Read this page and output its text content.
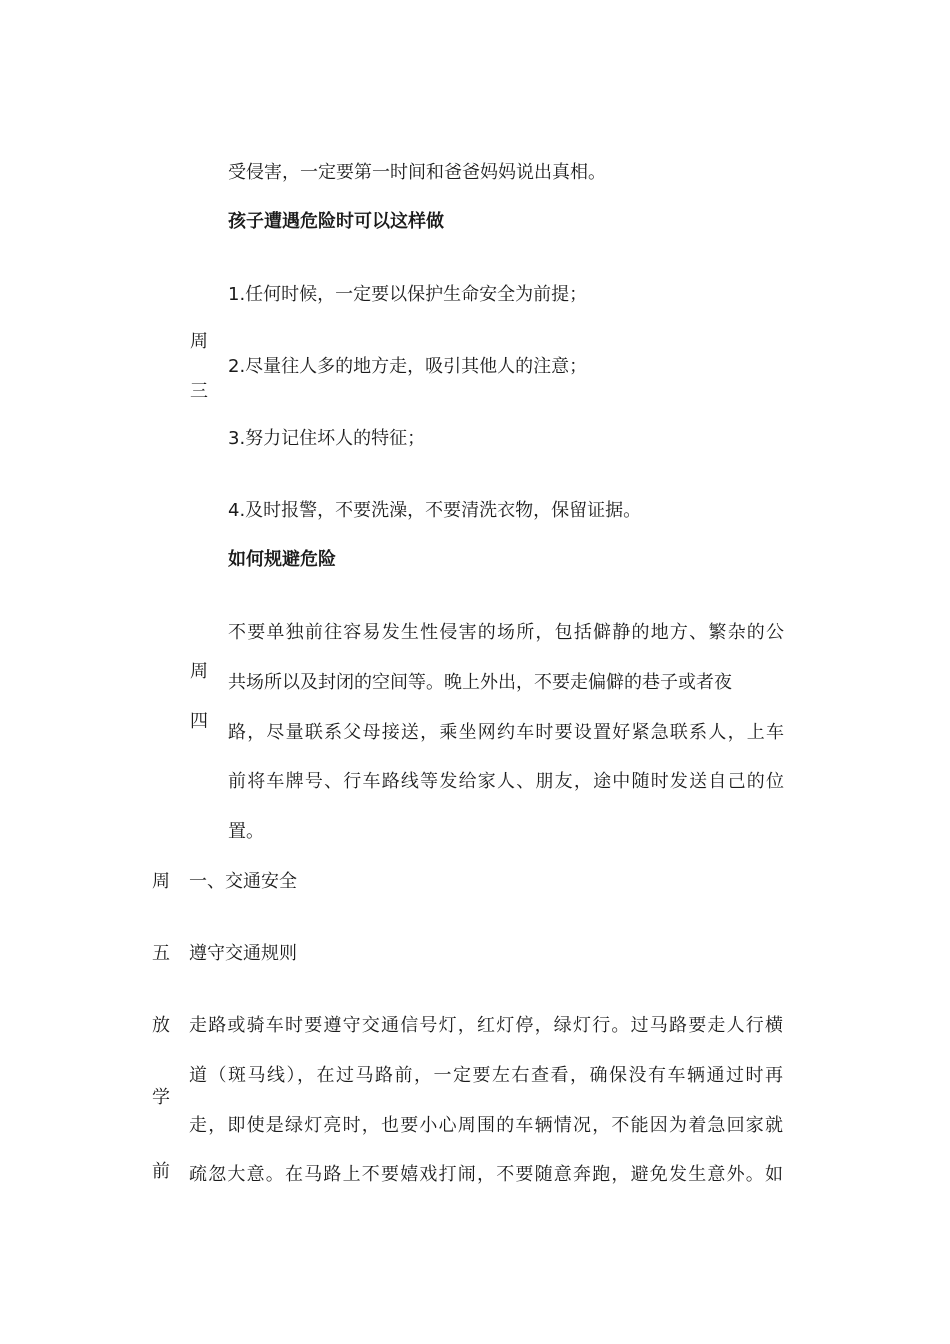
受侵害，一定要第一时间和爸爸妈妈说出真相。
孩子遭遇危险时可以这样做
周
三
1.任何时候，一定要以保护生命安全为前提；
2.尽量往人多的地方走，吸引其他人的注意；
3.努力记住坏人的特征；
4.及时报警，不要洗澡，不要清洗衣物，保留证据。
如何规避危险
周
四
不要单独前往容易发生性侵害的场所，包括僻静的地方、繁杂的公
共场所以及封闭的空间等。晚上外出，不要走偏僻的巷子或者夜
路，尽量联系父母接送，乘坐网约车时要设置好紧急联系人，上车
前将车牌号、行车路线等发给家人、朋友，途中随时发送自己的位
置。
周
五
放
学
前
一、交通安全
遵守交通规则
走路或骑车时要遵守交通信号灯，红灯停，绿灯行。过马路要走人行横
道（斑马线），在过马路前，一定要左右查看，确保没有车辆通过时再
走，即使是绿灯亮时，也要小心周围的车辆情况，不能因为着急回家就
疏忽大意。在马路上不要嬉戏打闹，不要随意奔跑，避免发生意外。如
